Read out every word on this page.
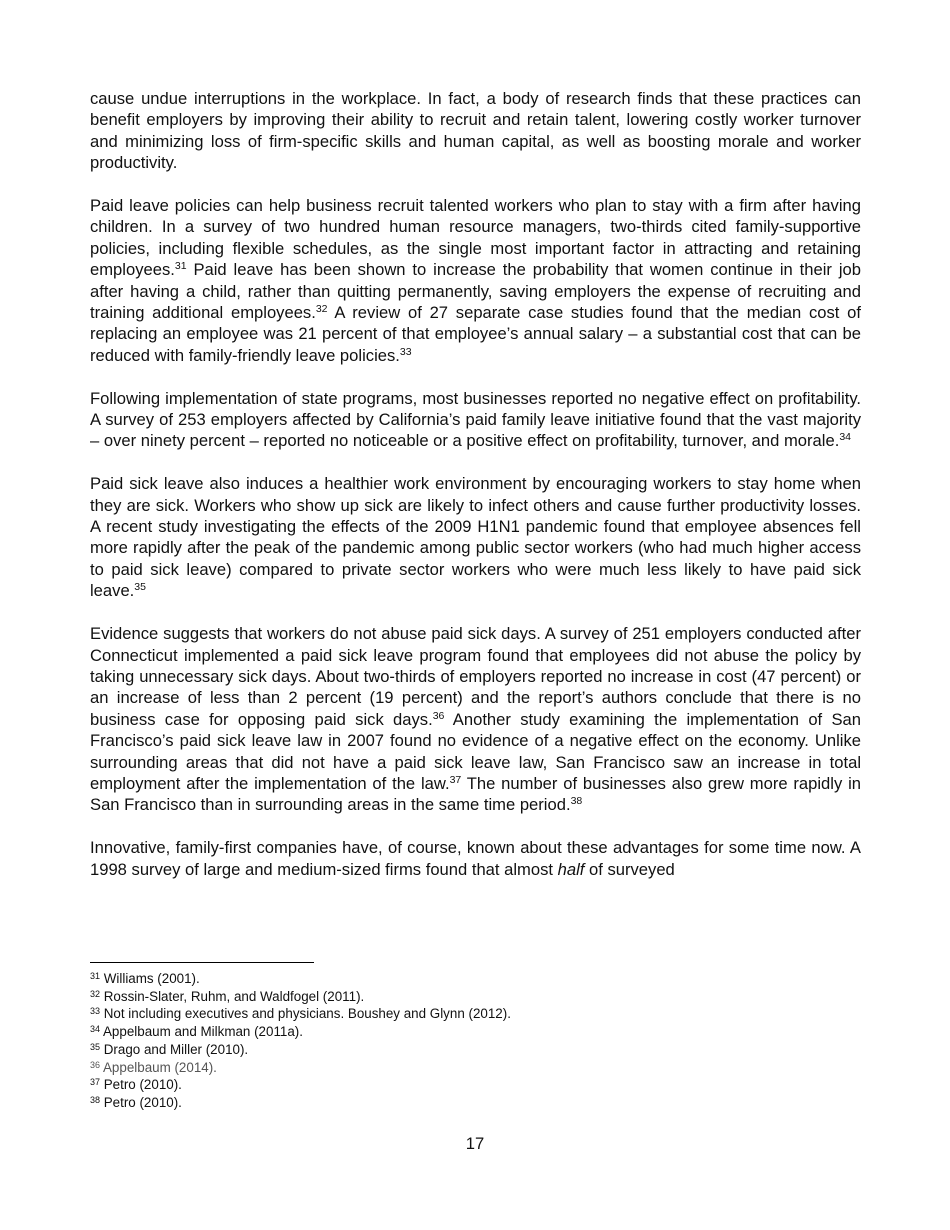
cause undue interruptions in the workplace. In fact, a body of research finds that these practices can benefit employers by improving their ability to recruit and retain talent, lowering costly worker turnover and minimizing loss of firm-specific skills and human capital, as well as boosting morale and worker productivity.

Paid leave policies can help business recruit talented workers who plan to stay with a firm after having children. In a survey of two hundred human resource managers, two-thirds cited family-supportive policies, including flexible schedules, as the single most important factor in attracting and retaining employees.$^{31}$ Paid leave has been shown to increase the probability that women continue in their job after having a child, rather than quitting permanently, saving employers the expense of recruiting and training additional employees.$^{32}$ A review of 27 separate case studies found that the median cost of replacing an employee was 21 percent of that employee’s annual salary – a substantial cost that can be reduced with family-friendly leave policies.$^{33}$

Following implementation of state programs, most businesses reported no negative effect on profitability. A survey of 253 employers affected by California’s paid family leave initiative found that the vast majority – over ninety percent – reported no noticeable or a positive effect on profitability, turnover, and morale.$^{34}$

Paid sick leave also induces a healthier work environment by encouraging workers to stay home when they are sick. Workers who show up sick are likely to infect others and cause further productivity losses. A recent study investigating the effects of the 2009 H1N1 pandemic found that employee absences fell more rapidly after the peak of the pandemic among public sector workers (who had much higher access to paid sick leave) compared to private sector workers who were much less likely to have paid sick leave.$^{35}$

Evidence suggests that workers do not abuse paid sick days. A survey of 251 employers conducted after Connecticut implemented a paid sick leave program found that employees did not abuse the policy by taking unnecessary sick days. About two-thirds of employers reported no increase in cost (47 percent) or an increase of less than 2 percent (19 percent) and the report’s authors conclude that there is no business case for opposing paid sick days.$^{36}$ Another study examining the implementation of San Francisco’s paid sick leave law in 2007 found no evidence of a negative effect on the economy. Unlike surrounding areas that did not have a paid sick leave law, San Francisco saw an increase in total employment after the implementation of the law.$^{37}$ The number of businesses also grew more rapidly in San Francisco than in surrounding areas in the same time period.$^{38}$

Innovative, family-first companies have, of course, known about these advantages for some time now. A 1998 survey of large and medium-sized firms found that almost half of surveyed

$^{31}$ Williams (2001).
$^{32}$ Rossin-Slater, Ruhm, and Waldfogel (2011).
$^{33}$ Not including executives and physicians. Boushey and Glynn (2012).
$^{34}$ Appelbaum and Milkman (2011a).
$^{35}$ Drago and Miller (2010).
$^{36}$ Appelbaum (2014).
$^{37}$ Petro (2010).
$^{38}$ Petro (2010).
17
